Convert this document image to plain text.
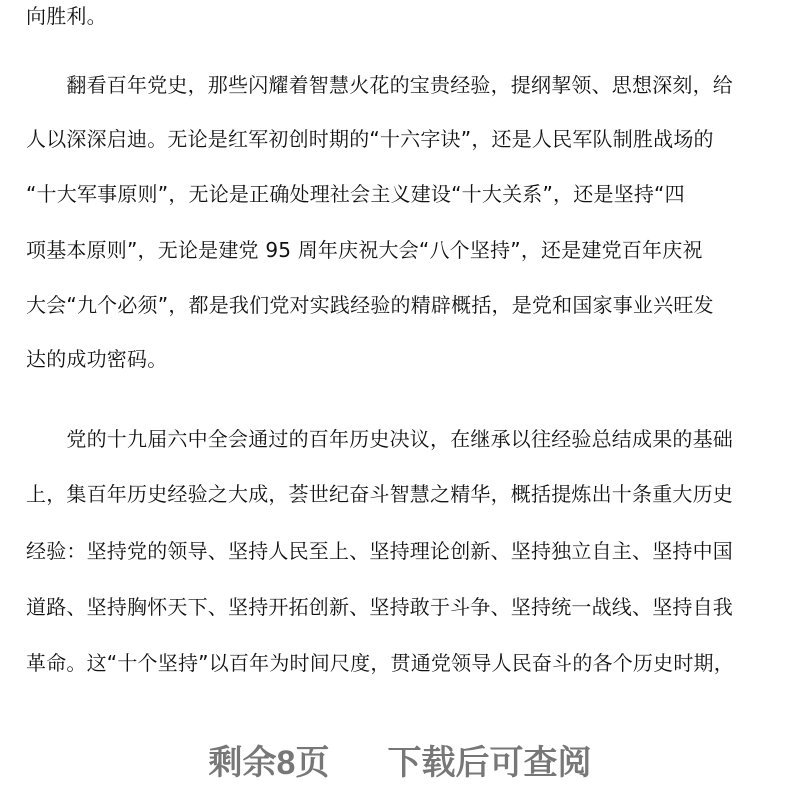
向胜利。
　　翻看百年党史，那些闪耀着智慧火花的宝贵经验，提纲挈领、思想深刻，给
人以深深启迪。无论是红军初创时期的“十六字诀”，还是人民军队制胜战场的
“十大军事原则”，无论是正确处理社会主义建设“十大关系”，还是坚持“四
项基本原则”，无论是建党 95 周年庆祝大会“八个坚持”，还是建党百年庆祝
大会“九个必须”，都是我们党对实践经验的精辟概括，是党和国家事业兴旺发
达的成功密码。
　　党的十九届六中全会通过的百年历史决议，在继承以往经验总结成果的基础
上，集百年历史经验之大成，荟世纪奋斗智慧之精华，概括提炼出十条重大历史
经验：坚持党的领导、坚持人民至上、坚持理论创新、坚持独立自主、坚持中国
道路、坚持胸怀天下、坚持开拓创新、坚持敢于斗争、坚持统一战线、坚持自我
革命。这“十个坚持”以百年为时间尺度，贯通党领导人民奋斗的各个历史时期，
剩余8页 下载后可查阅
